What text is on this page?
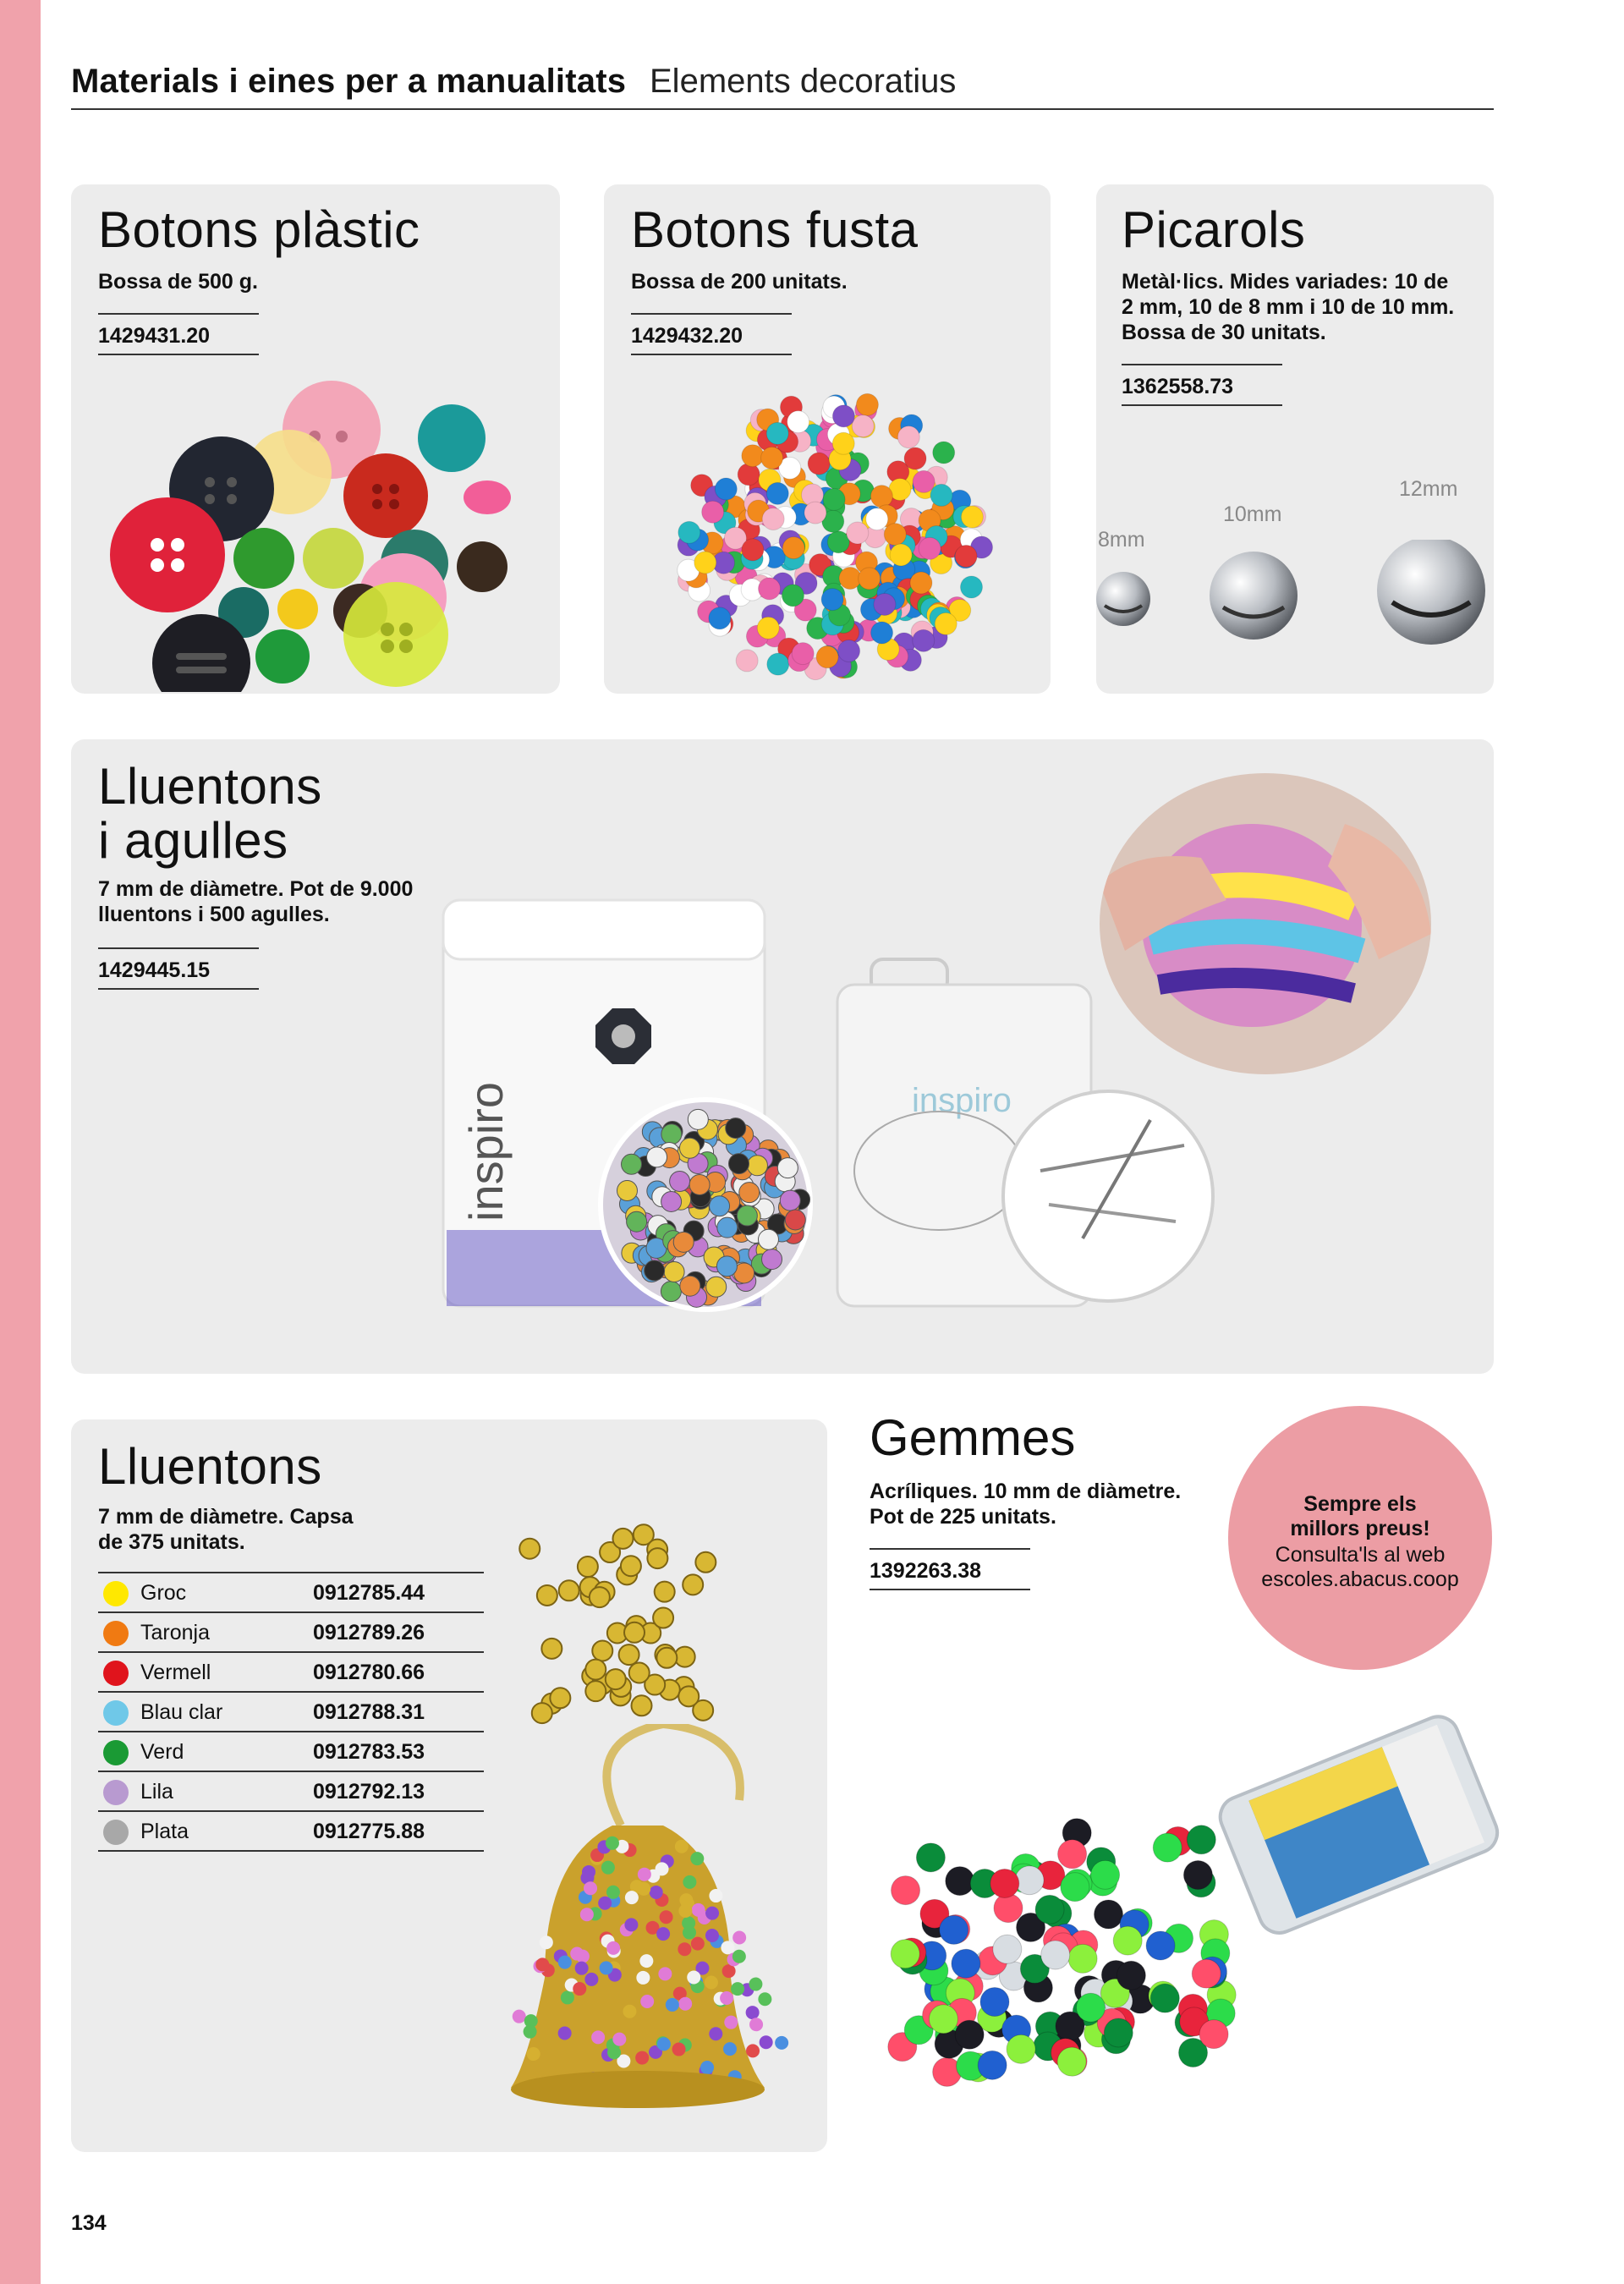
Materials i eines per a manualitats Elements decoratius
Botons plàstic
Bossa de 500 g.
1429431.20
Botons fusta
Bossa de 200 unitats.
1429432.20
Picarols
Metàl·lics. Mides variades: 10 de
2 mm, 10 de 8 mm i 10 de 10 mm.
Bossa de 30 unitats.
1362558.73
8mm
10mm
12mm
Lluentons
i agulles
7 mm de diàmetre. Pot de 9.000
lluentons i 500 agulles.
1429445.15
inspiro	inspiro
Lluentons
7 mm de diàmetre. Capsa
de 375 unitats.
Groc	0912785.44
Taronja	0912789.26
Vermell	0912780.66
Blau clar	0912788.31
Verd	0912783.53
Lila	0912792.13
Plata	0912775.88
Gemmes
Acríliques. 10 mm de diàmetre.
Pot de 225 unitats.
1392263.38
Sempre els
millors preus!
Consulta'ls al web
escoles.abacus.coop
134
